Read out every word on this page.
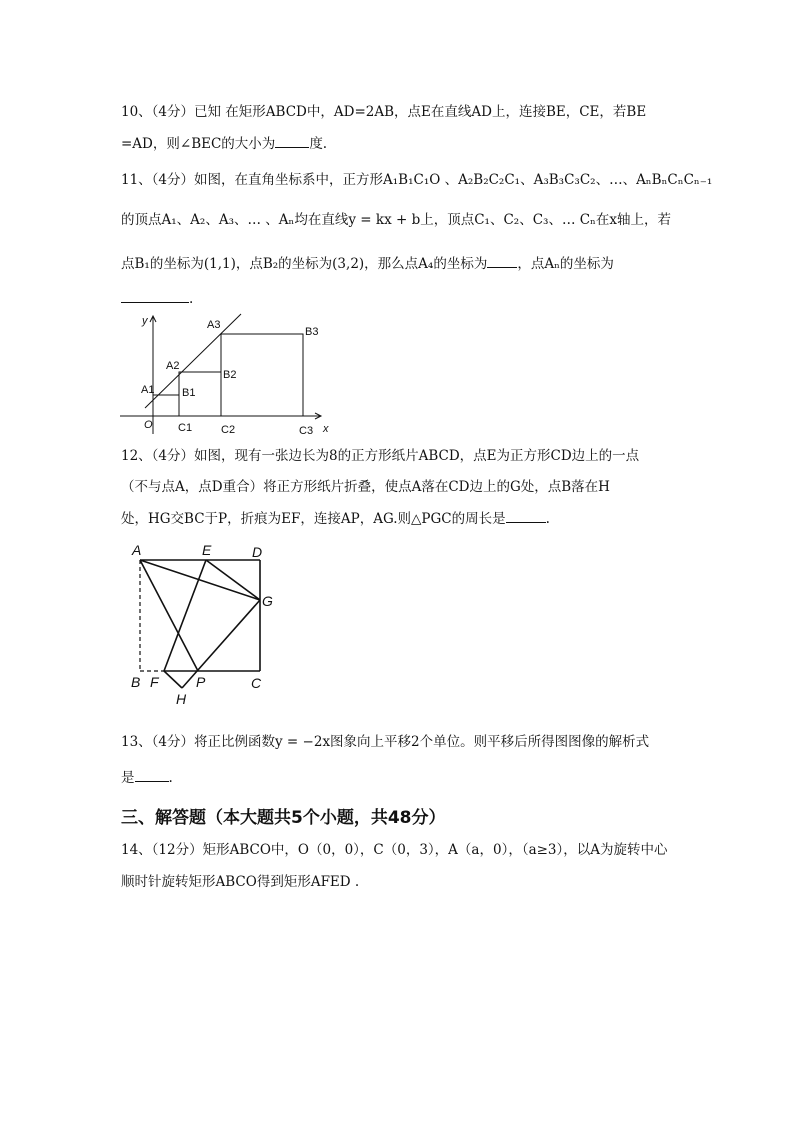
10、（4分）已知 在矩形ABCD中，AD=2AB，点E在直线AD上，连接BE，CE，若BE
=AD，则∠BEC的大小为	度.
11、（4分）如图，在直角坐标系中，正方形A₁B₁C₁O 、A₂B₂C₂C₁、A₃B₃C₃C₂、…、AₙBₙCₙCₙ₋₁
的顶点A₁、A₂、A₃、… 、Aₙ均在直线y = kx + b上，顶点C₁、C₂、C₃、… Cₙ在x轴上，若
点B₁的坐标为(1,1)，点B₂的坐标为(3,2)，那么点A₄的坐标为 ，点Aₙ的坐标为
.
y
x
O
A1
A2
A3
B1
B2
B3
C1	C2	C3
12、（4分）如图，现有一张边长为8的正方形纸片ABCD，点E为正方形CD边上的一点
（不与点A，点D重合）将正方形纸片折叠，使点A落在CD边上的G处，点B落在H
处，HG交BC于P，折痕为EF，连接AP，AG.则△PGC的周长是	.
A	E	D
G
B F	P	C
H
13、（4分）将正比例函数y = −2x图象向上平移2个单位。则平移后所得图图像的解析式
是	.
三、解答题（本大题共5个小题，共48分）
14、（12分）矩形ABCO中，O（0，0），C（0，3），A（a，0），（a≥3），以A为旋转中心
顺时针旋转矩形ABCO得到矩形AFED .
